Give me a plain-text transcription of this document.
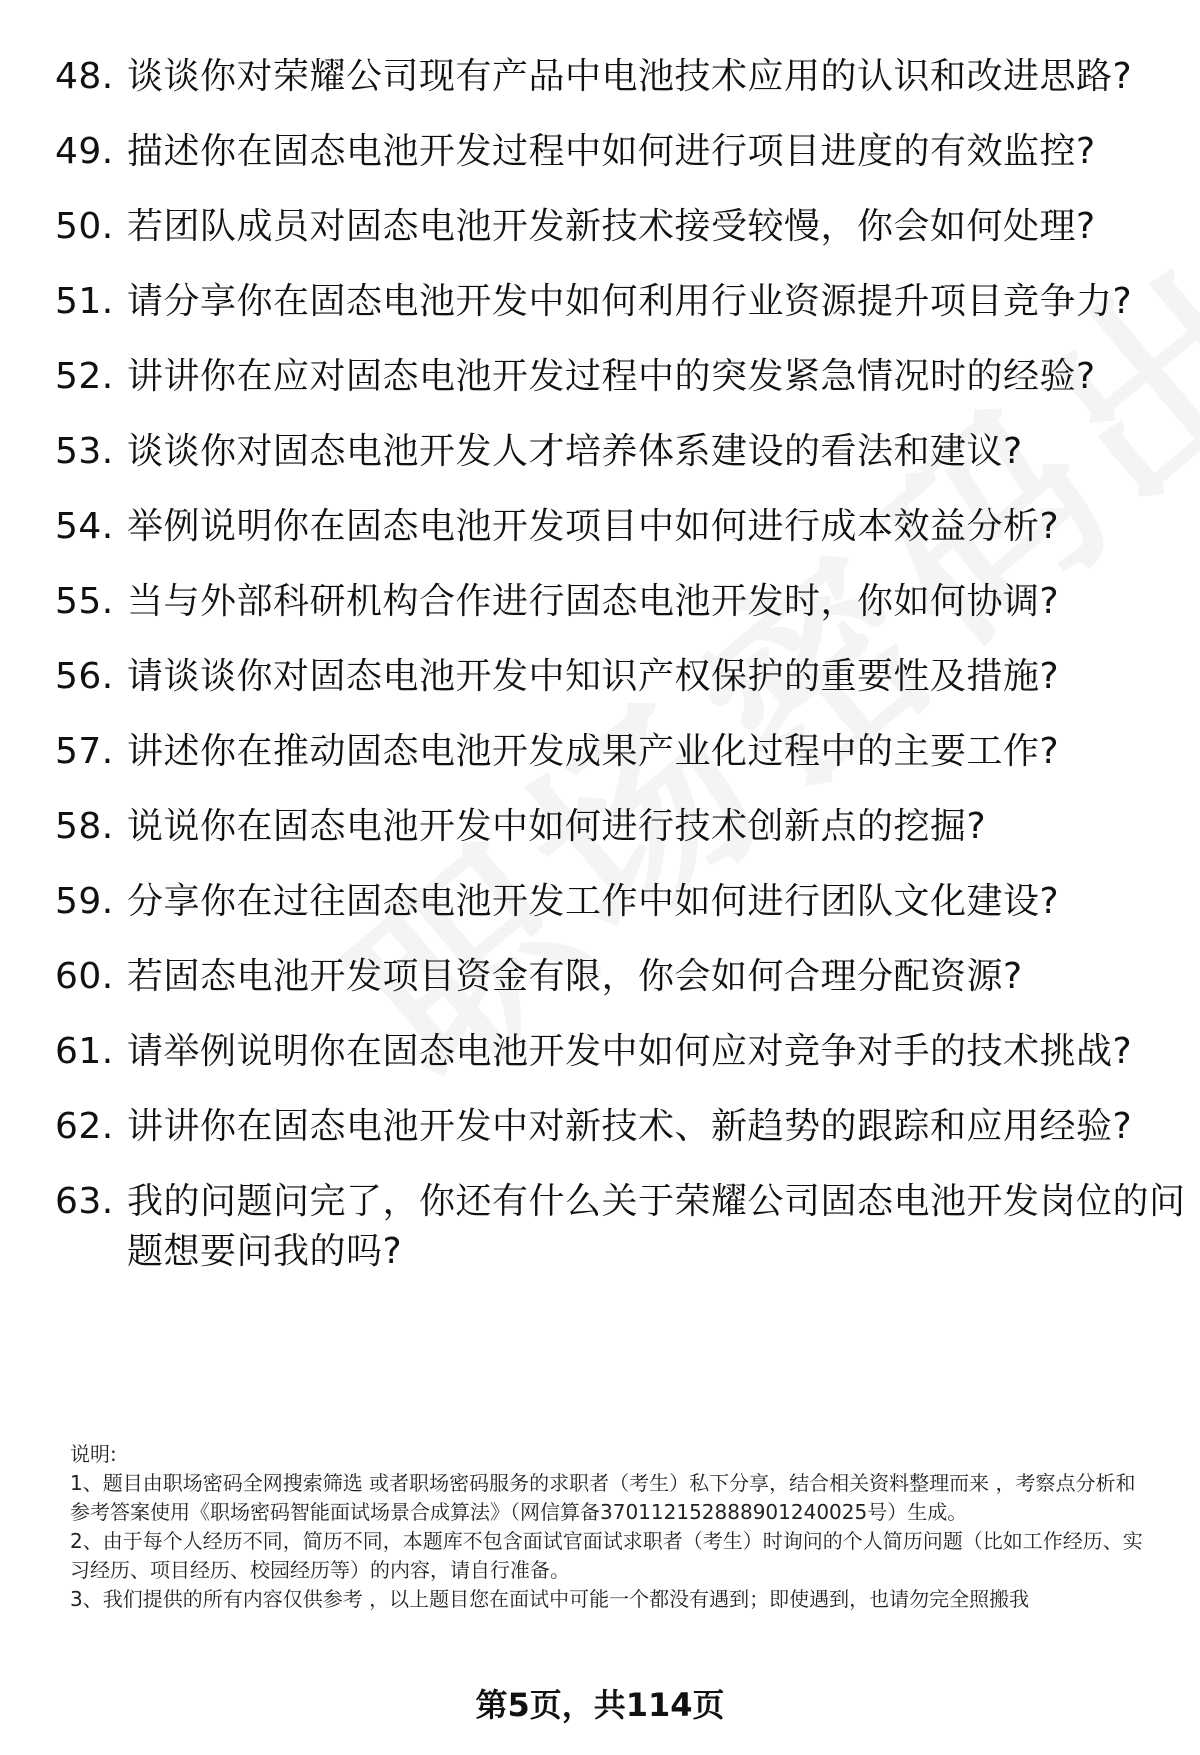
48. 谈谈你对荣耀公司现有产品中电池技术应用的认识和改进思路?
49. 描述你在固态电池开发过程中如何进行项目进度的有效监控?
50. 若团队成员对固态电池开发新技术接受较慢，你会如何处理?
51. 请分享你在固态电池开发中如何利用行业资源提升项目竞争力?
52. 讲讲你在应对固态电池开发过程中的突发紧急情况时的经验?
53. 谈谈你对固态电池开发人才培养体系建设的看法和建议?
54. 举例说明你在固态电池开发项目中如何进行成本效益分析?
55. 当与外部科研机构合作进行固态电池开发时，你如何协调?
56. 请谈谈你对固态电池开发中知识产权保护的重要性及措施?
57. 讲述你在推动固态电池开发成果产业化过程中的主要工作?
58. 说说你在固态电池开发中如何进行技术创新点的挖掘?
59. 分享你在过往固态电池开发工作中如何进行团队文化建设?
60. 若固态电池开发项目资金有限，你会如何合理分配资源?
61. 请举例说明你在固态电池开发中如何应对竞争对手的技术挑战?
62. 讲讲你在固态电池开发中对新技术、新趋势的跟踪和应用经验?
63. 我的问题问完了，你还有什么关于荣耀公司固态电池开发岗位的问题想要问我的吗?

说明:

1、题目由职场密码全网搜索筛选 或者职场密码服务的求职者（考生）私下分享，结合相关资料整理而来 ，考察点分析和参考答案使用《职场密码智能面试场景合成算法》（网信算备370112152888901240025号）生成。

2、由于每个人经历不同，简历不同，本题库不包含面试官面试求职者（考生）时询问的个人简历问题（比如工作经历、实习经历、项目经历、校园经历等）的内容，请自行准备。

3、我们提供的所有内容仅供参考 ，以上题目您在面试中可能一个都没有遇到；即使遇到，也请勿完全照搬我

第5页，共114页
